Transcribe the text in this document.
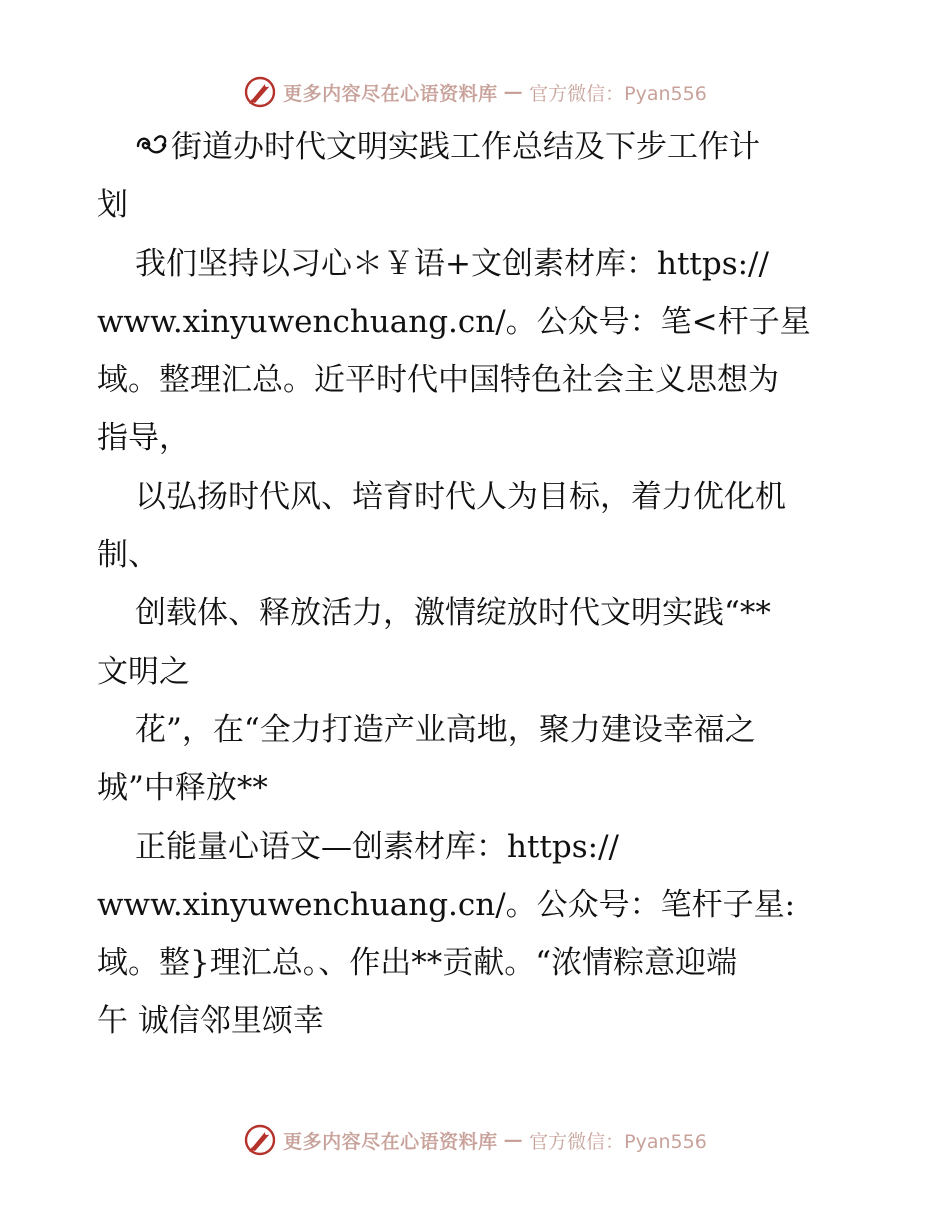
更多内容尽在心语资料库 — 官方微信：Pyan556
街道办时代文明实践工作总结及下步工作计
划
我们坚持以习心＊￥语+文创素材库：https://
www.xinyuwenchuang.cn/。公众号：笔<杆子星
域。整理汇总。近平时代中国特色社会主义思想为
指导，
以弘扬时代风、培育时代人为目标，着力优化机
制、
创载体、释放活力，激情绽放时代文明实践“**
文明之
花”，在“全力打造产业高地，聚力建设幸福之
城”中释放**
正能量心语文—创素材库：https://
www.xinyuwenchuang.cn/。公众号：笔杆子星:
域。整}理汇总。、作出**贡献。“浓情粽意迎端
午 诚信邻里颂幸
更多内容尽在心语资料库 — 官方微信：Pyan556
